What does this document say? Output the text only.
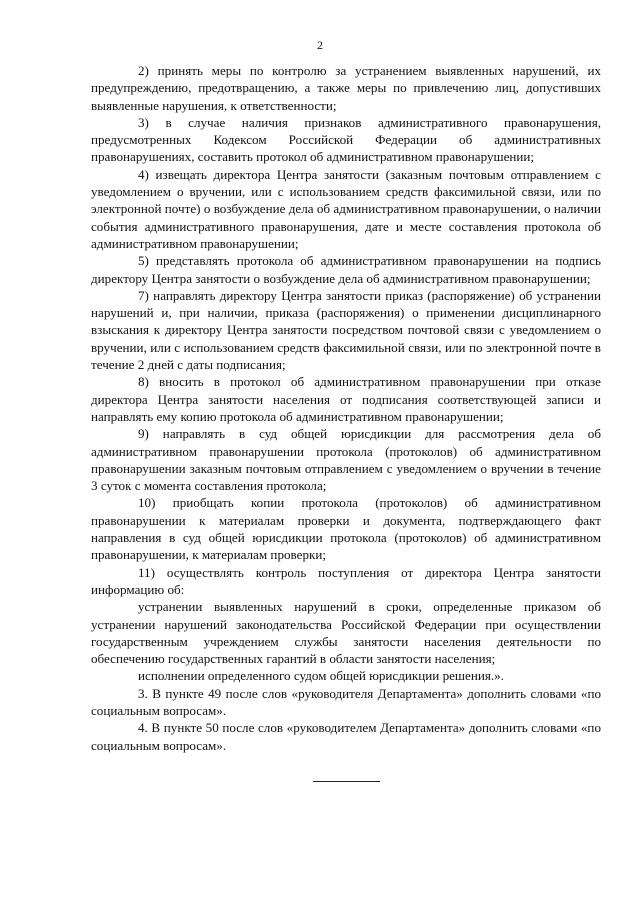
2

2) принять меры по контролю за устранением выявленных нарушений, их предупреждению, предотвращению, а также меры по привлечению лиц, допустивших выявленные нарушения, к ответственности;

3) в случае наличия признаков административного правонарушения, предусмотренных Кодексом Российской Федерации об административных правонарушениях, составить протокол об административном правонарушении;

4) извещать директора Центра занятости (заказным почтовым отправлением с уведомлением о вручении, или с использованием средств факсимильной связи, или по электронной почте) о возбуждение дела об административном правонарушении, о наличии события административного правонарушения, дате и месте составления протокола об административном правонарушении;

5) представлять протокола об административном правонарушении на подпись директору Центра занятости о возбуждение дела об административном правонарушении;

7) направлять директору Центра занятости приказ (распоряжение) об устранении нарушений и, при наличии, приказа (распоряжения) о применении дисциплинарного взыскания к директору Центра занятости посредством почтовой связи с уведомлением о вручении, или с использованием средств факсимильной связи, или по электронной почте в течение 2 дней с даты подписания;

8) вносить в протокол об административном правонарушении при отказе директора Центра занятости населения от подписания соответствующей записи и направлять ему копию протокола об административном правонарушении;

9) направлять в суд общей юрисдикции для рассмотрения дела об административном правонарушении протокола (протоколов) об административном правонарушении заказным почтовым отправлением с уведомлением о вручении в течение 3 суток с момента составления протокола;

10) приобщать копии протокола (протоколов) об административном правонарушении к материалам проверки и документа, подтверждающего факт направления в суд общей юрисдикции протокола (протоколов) об административном правонарушении, к материалам проверки;

11) осуществлять контроль поступления от директора Центра занятости информацию об:

устранении выявленных нарушений в сроки, определенные приказом об устранении нарушений законодательства Российской Федерации при осуществлении государственным учреждением службы занятости населения деятельности по обеспечению государственных гарантий в области занятости населения;

исполнении определенного судом общей юрисдикции решения.».

3. В пункте 49 после слов «руководителя Департамента» дополнить словами «по социальным вопросам».

4. В пункте 50 после слов «руководителем Департамента» дополнить словами «по социальным вопросам».
